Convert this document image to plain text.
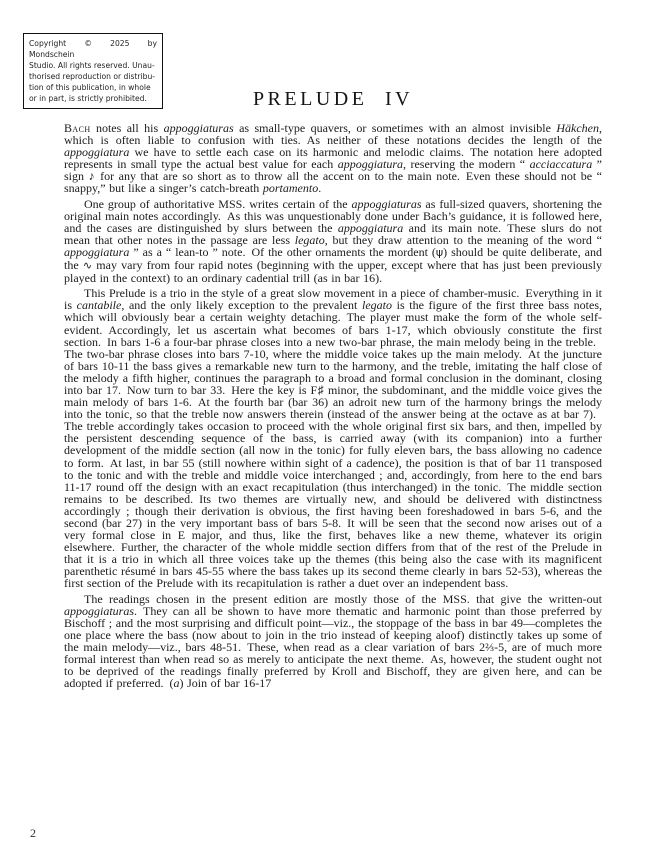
Copyright © 2025 by Mondschein
Studio. All rights reserved. Unau-
thorised reproduction or distribu-
tion of this publication, in whole
or in part, is strictly prohibited.	PRELUDE IV

Bach notes all his appoggiaturas as small-type quavers, or sometimes with an almost invisible Häkchen, which is often liable to confusion with ties. As neither of these notations decides the length of the appoggiatura we have to settle each case on its harmonic and melodic claims. The notation here adopted represents in small type the actual best value for each appoggiatura, reserving the modern “ acciaccatura ” sign ♪ for any that are so short as to throw all the accent on to the main note. Even these should not be “ snappy,” but like a singer’s catch-breath portamento.

One group of authoritative MSS. writes certain of the appoggiaturas as full-sized quavers, shortening the original main notes accordingly. As this was unquestionably done under Bach’s guidance, it is followed here, and the cases are distinguished by slurs between the appoggiatura and its main note. These slurs do not mean that other notes in the passage are less legato, but they draw attention to the meaning of the word “ appoggiatura ” as a “ lean-to ” note. Of the other ornaments the mordent (ψ) should be quite deliberate, and the ∿ may vary from four rapid notes (beginning with the upper, except where that has just been previously played in the context) to an ordinary cadential trill (as in bar 16).

This Prelude is a trio in the style of a great slow movement in a piece of chamber-music. Everything in it is cantabile, and the only likely exception to the prevalent legato is the figure of the first three bass notes, which will obviously bear a certain weighty detaching. The player must make the form of the whole self-evident. Accordingly, let us ascertain what becomes of bars 1-17, which obviously constitute the first section. In bars 1-6 a four-bar phrase closes into a new two-bar phrase, the main melody being in the treble. The two-bar phrase closes into bars 7-10, where the middle voice takes up the main melody. At the juncture of bars 10-11 the bass gives a remarkable new turn to the harmony, and the treble, imitating the half close of the melody a fifth higher, continues the paragraph to a broad and formal conclusion in the dominant, closing into bar 17. Now turn to bar 33. Here the key is F♯ minor, the subdominant, and the middle voice gives the main melody of bars 1-6. At the fourth bar (bar 36) an adroit new turn of the harmony brings the melody into the tonic, so that the treble now answers therein (instead of the answer being at the octave as at bar 7). The treble accordingly takes occasion to proceed with the whole original first six bars, and then, impelled by the persistent descending sequence of the bass, is carried away (with its companion) into a further development of the middle section (all now in the tonic) for fully eleven bars, the bass allowing no cadence to form. At last, in bar 55 (still nowhere within sight of a cadence), the position is that of bar 11 transposed to the tonic and with the treble and middle voice interchanged ; and, accordingly, from here to the end bars 11-17 round off the design with an exact recapitulation (thus interchanged) in the tonic. The middle section remains to be described. Its two themes are virtually new, and should be delivered with distinctness accordingly ; though their derivation is obvious, the first having been foreshadowed in bars 5-6, and the second (bar 27) in the very important bass of bars 5-8. It will be seen that the second now arises out of a very formal close in E major, and thus, like the first, behaves like a new theme, whatever its origin elsewhere. Further, the character of the whole middle section differs from that of the rest of the Prelude in that it is a trio in which all three voices take up the themes (this being also the case with its magnificent parenthetic résumé in bars 45-55 where the bass takes up its second theme clearly in bars 52-53), whereas the first section of the Prelude with its recapitulation is rather a duet over an independent bass.

The readings chosen in the present edition are mostly those of the MSS. that give the written-out appoggiaturas. They can all be shown to have more thematic and harmonic point than those preferred by Bischoff ; and the most surprising and difficult point—viz., the stoppage of the bass in bar 49—completes the one place where the bass (now about to join in the trio instead of keeping aloof) distinctly takes up some of the main melody—viz., bars 48-51. These, when read as a clear variation of bars 2⅔-5, are of much more formal interest than when read so as merely to anticipate the next theme. As, however, the student ought not to be deprived of the readings finally preferred by Kroll and Bischoff, they are given here, and can be adopted if preferred. (a) Join of bar 16-17

2
